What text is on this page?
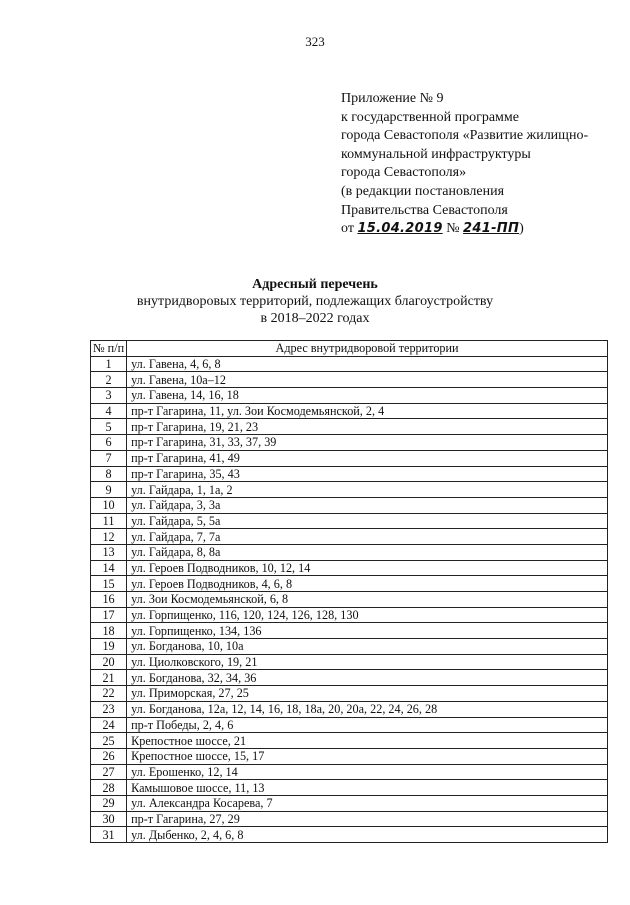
323
Приложение № 9
к государственной программе
города Севастополя «Развитие жилищно-
коммунальной инфраструктуры
города Севастополя»
(в редакции постановления
Правительства Севастополя
от 15.04.2019 № 241-ПП)
Адресный перечень
внутридворовых территорий, подлежащих благоустройству
в 2018–2022 годах
№ п/п	Адрес внутридворовой территории
1	ул. Гавена, 4, 6, 8
2	ул. Гавена, 10а–12
3	ул. Гавена, 14, 16, 18
4	пр-т Гагарина, 11, ул. Зои Космодемьянской, 2, 4
5	пр-т Гагарина, 19, 21, 23
6	пр-т Гагарина, 31, 33, 37, 39
7	пр-т Гагарина, 41, 49
8	пр-т Гагарина, 35, 43
9	ул. Гайдара, 1, 1а, 2
10	ул. Гайдара, 3, 3а
11	ул. Гайдара, 5, 5а
12	ул. Гайдара, 7, 7а
13	ул. Гайдара, 8, 8а
14	ул. Героев Подводников, 10, 12, 14
15	ул. Героев Подводников, 4, 6, 8
16	ул. Зои Космодемьянской, 6, 8
17	ул. Горпищенко, 116, 120, 124, 126, 128, 130
18	ул. Горпищенко, 134, 136
19	ул. Богданова, 10, 10а
20	ул. Циолковского, 19, 21
21	ул. Богданова, 32, 34, 36
22	ул. Приморская, 27, 25
23	ул. Богданова, 12а, 12, 14, 16, 18, 18а, 20, 20а, 22, 24, 26, 28
24	пр-т Победы, 2, 4, 6
25	Крепостное шоссе, 21
26	Крепостное шоссе, 15, 17
27	ул. Ерошенко, 12, 14
28	Камышовое шоссе, 11, 13
29	ул. Александра Косарева, 7
30	пр-т Гагарина, 27, 29
31	ул. Дыбенко, 2, 4, 6, 8
